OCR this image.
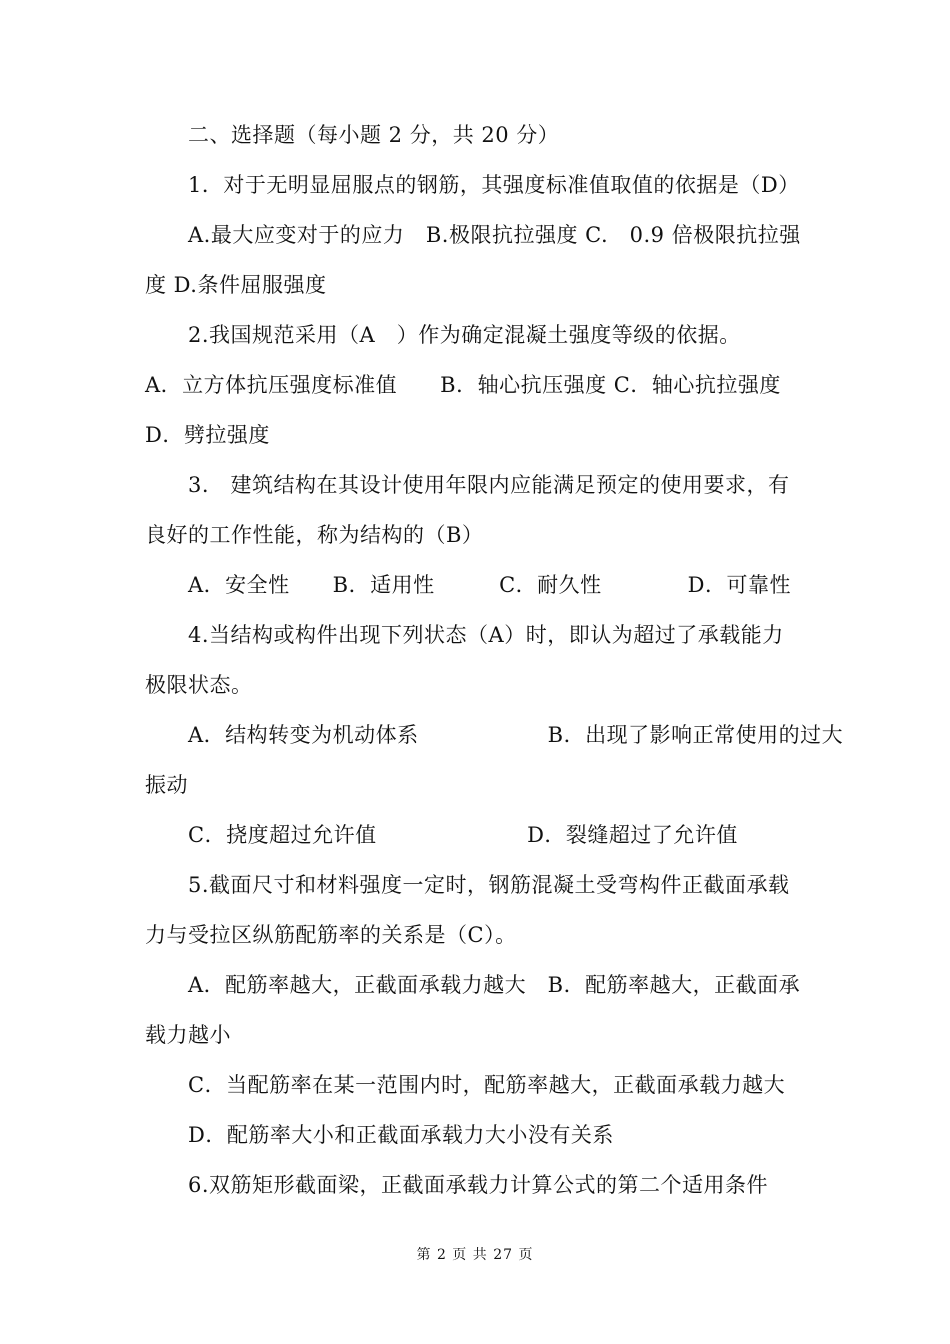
二、选择题（每小题 2 分，共 20 分）
1．对于无明显屈服点的钢筋，其强度标准值取值的依据是（D）
A.最大应变对于的应力　B.极限抗拉强度 C.　0.9 倍极限抗拉强
度 D.条件屈服强度
2.我国规范采用（A　）作为确定混凝土强度等级的依据。
A．立方体抗压强度标准值　　B．轴心抗压强度 C．轴心抗拉强度
D．劈拉强度
3.　建筑结构在其设计使用年限内应能满足预定的使用要求，有
良好的工作性能，称为结构的（B）
A．安全性　　B．适用性　　　C．耐久性　　　　D．可靠性
4.当结构或构件出现下列状态（A）时，即认为超过了承载能力
极限状态。
A．结构转变为机动体系　　　　　　B．出现了影响正常使用的过大
振动
C．挠度超过允许值　　　　　　　D．裂缝超过了允许值
5.截面尺寸和材料强度一定时，钢筋混凝土受弯构件正截面承载
力与受拉区纵筋配筋率的关系是（C）。
A．配筋率越大，正截面承载力越大　B．配筋率越大，正截面承
载力越小
C．当配筋率在某一范围内时，配筋率越大，正截面承载力越大
D．配筋率大小和正截面承载力大小没有关系
6.双筋矩形截面梁，正截面承载力计算公式的第二个适用条件
第 2 页 共 27 页
